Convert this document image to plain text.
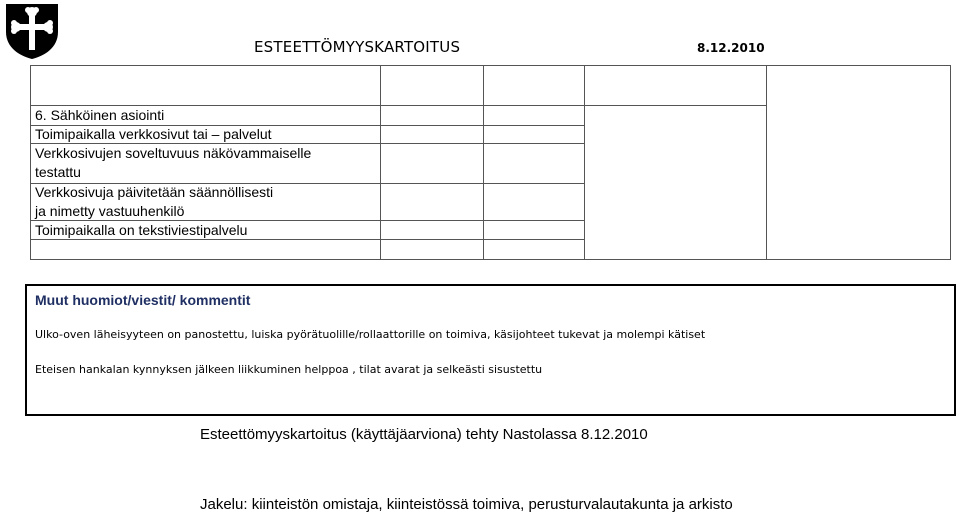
ESTEETTÖMYYSKARTOITUS	8.12.2010
6. Sähköinen asiointi
Toimipaikalla verkkosivut tai – palvelut
Verkkosivujen soveltuvuus näkövammaiselle
testattu
Verkkosivuja päivitetään säännöllisesti
ja nimetty vastuuhenkilö
Toimipaikalla on tekstiviestipalvelu
Muut huomiot/viestit/ kommentit
Ulko-oven läheisyyteen on panostettu, luiska pyörätuolille/rollaattorille on toimiva, käsijohteet tukevat ja molempi kätiset
Eteisen hankalan kynnyksen jälkeen liikkuminen helppoa , tilat avarat ja selkeästi sisustettu
Esteettömyyskartoitus (käyttäjäarviona) tehty Nastolassa 8.12.2010
Jakelu: kiinteistön omistaja, kiinteistössä toimiva, perusturvalautakunta ja arkisto
